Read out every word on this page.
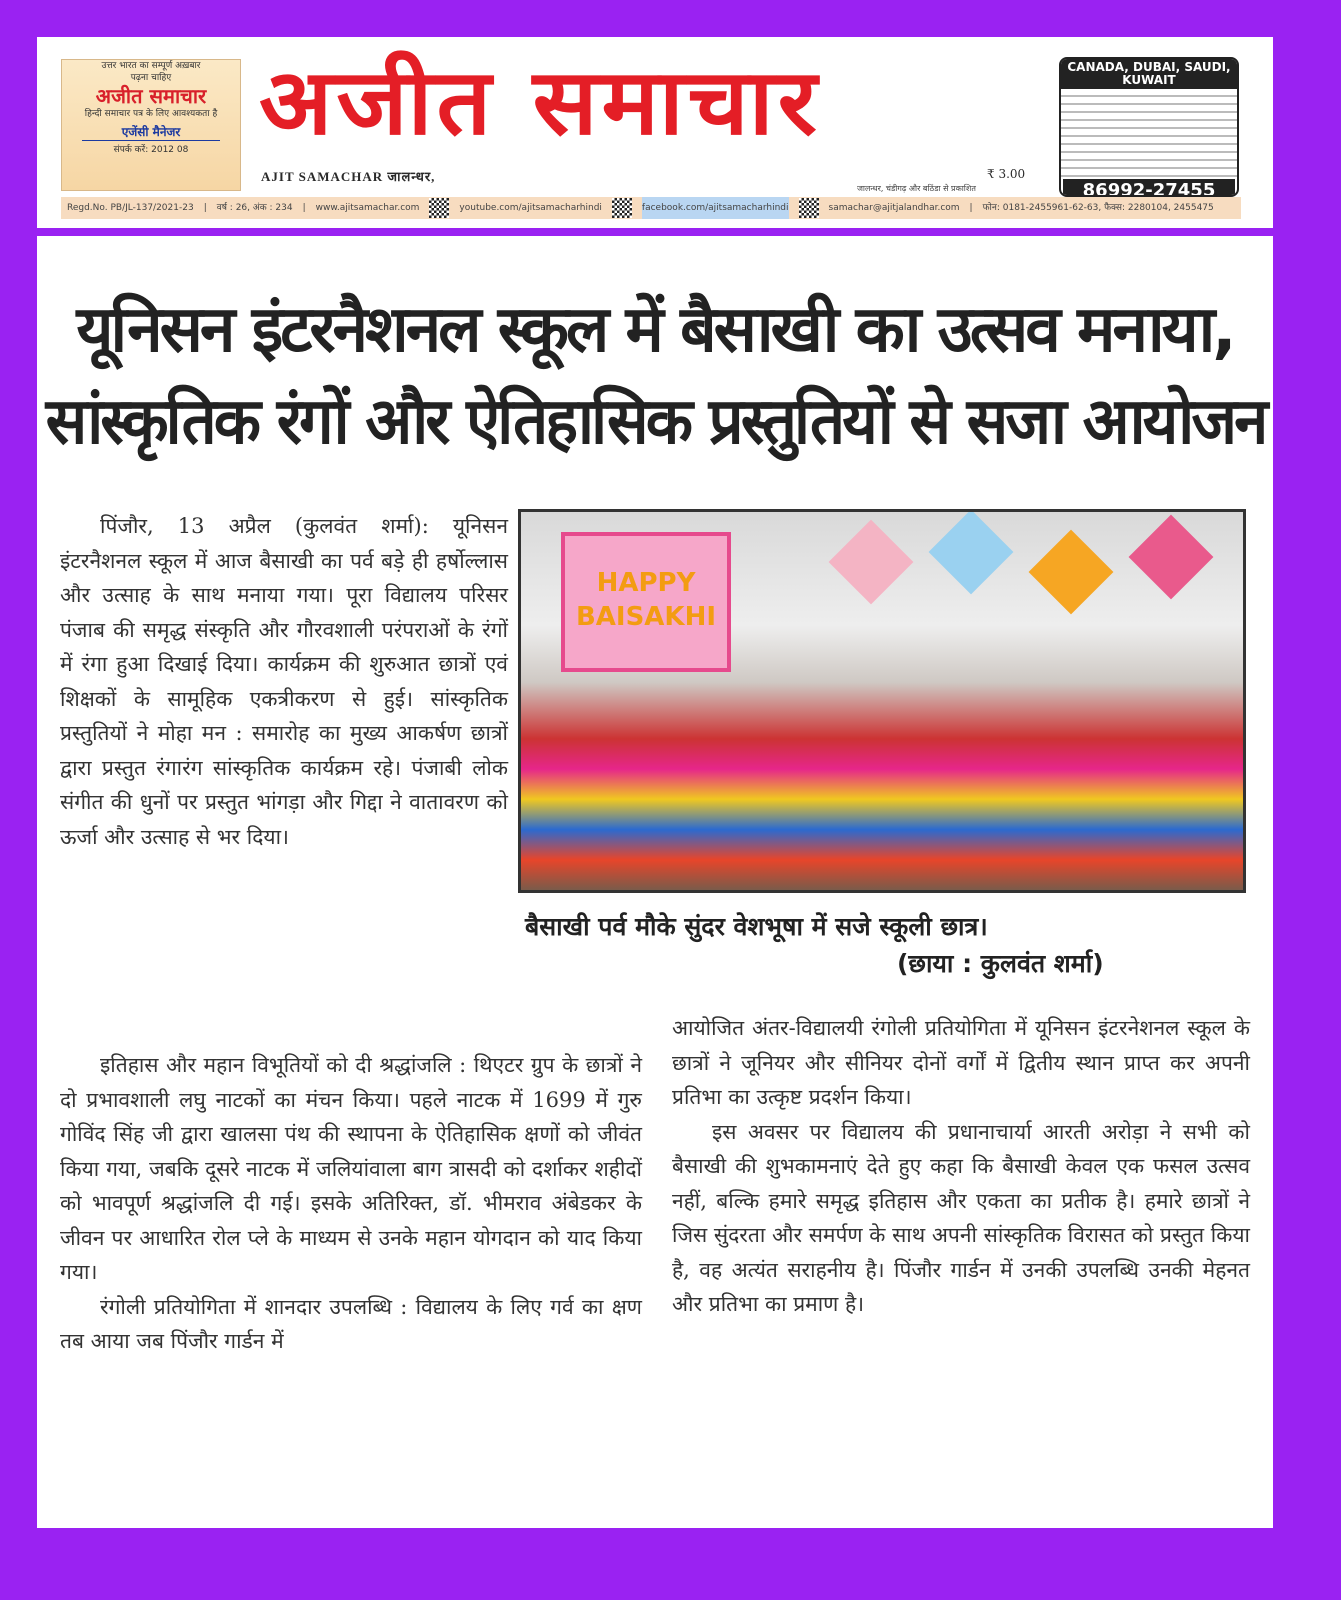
उत्तर भारत का सम्पूर्ण अख़बार
पढ़ना चाहिए
अजीत समाचार
हिन्दी समाचार पत्र के लिए आवश्यकता है
एजेंसी मैनेजर
संपर्क करें: 2012 08 अजीत समाचार
AJIT SAMACHAR जालन्धर,	₹ 3.00
जालन्धर, चंडीगढ़ और बठिंडा से प्रकाशित
CANADA, DUBAI, SAUDI, KUWAIT
86992-27455
Regd.No. PB/JL-137/2021-23 | वर्ष : 26, अंक : 234 | www.ajitsamachar.com	youtube.com/ajitsamacharhindi	facebook.com/ajitsamacharhindi	samachar@ajitjalandhar.com | फोन: 0181-2455961-62-63, फैक्स: 2280104, 2455475
यूनिसन इंटरनैशनल स्कूल में बैसाखी का उत्सव मनाया,
सांस्कृतिक रंगों और ऐतिहासिक प्रस्तुतियों से सजा आयोजन

पिंजौर, 13 अप्रैल (कुलवंत शर्मा): यूनिसन इंटरनैशनल स्कूल में आज बैसाखी का पर्व बड़े ही हर्षोल्लास और उत्साह के साथ मनाया गया। पूरा विद्यालय परिसर पंजाब की समृद्ध संस्कृति और गौरवशाली परंपराओं के रंगों में रंगा हुआ दिखाई दिया। कार्यक्रम की शुरुआत छात्रों एवं शिक्षकों के सामूहिक एकत्रीकरण से हुई। सांस्कृतिक प्रस्तुतियों ने मोहा मन : समारोह का मुख्य आकर्षण छात्रों द्वारा प्रस्तुत रंगारंग सांस्कृतिक कार्यक्रम रहे। पंजाबी लोक संगीत की धुनों पर प्रस्तुत भांगड़ा और गिद्दा ने वातावरण को ऊर्जा और उत्साह से भर दिया।

इतिहास और महान विभूतियों को दी श्रद्धांजलि : थिएटर ग्रुप के छात्रों ने दो प्रभावशाली लघु नाटकों का मंचन किया। पहले नाटक में 1699 में गुरु गोविंद सिंह जी द्वारा खालसा पंथ की स्थापना के ऐतिहासिक क्षणों को जीवंत किया गया, जबकि दूसरे नाटक में जलियांवाला बाग त्रासदी को दर्शाकर शहीदों को भावपूर्ण श्रद्धांजलि दी गई। इसके अतिरिक्त, डॉ. भीमराव अंबेडकर के जीवन पर आधारित रोल प्ले के माध्यम से उनके महान योगदान को याद किया गया।

रंगोली प्रतियोगिता में शानदार उपलब्धि : विद्यालय के लिए गर्व का क्षण तब आया जब पिंजौर गार्डन में

HAPPY BAISAKHI
बैसाखी पर्व मौके सुंदर वेशभूषा में सजे स्कूली छात्र।
(छाया : कुलवंत शर्मा)

आयोजित अंतर-विद्यालयी रंगोली प्रतियोगिता में यूनिसन इंटरनेशनल स्कूल के छात्रों ने जूनियर और सीनियर दोनों वर्गों में द्वितीय स्थान प्राप्त कर अपनी प्रतिभा का उत्कृष्ट प्रदर्शन किया।

इस अवसर पर विद्यालय की प्रधानाचार्या आरती अरोड़ा ने सभी को बैसाखी की शुभकामनाएं देते हुए कहा कि बैसाखी केवल एक फसल उत्सव नहीं, बल्कि हमारे समृद्ध इतिहास और एकता का प्रतीक है। हमारे छात्रों ने जिस सुंदरता और समर्पण के साथ अपनी सांस्कृतिक विरासत को प्रस्तुत किया है, वह अत्यंत सराहनीय है। पिंजौर गार्डन में उनकी उपलब्धि उनकी मेहनत और प्रतिभा का प्रमाण है।
